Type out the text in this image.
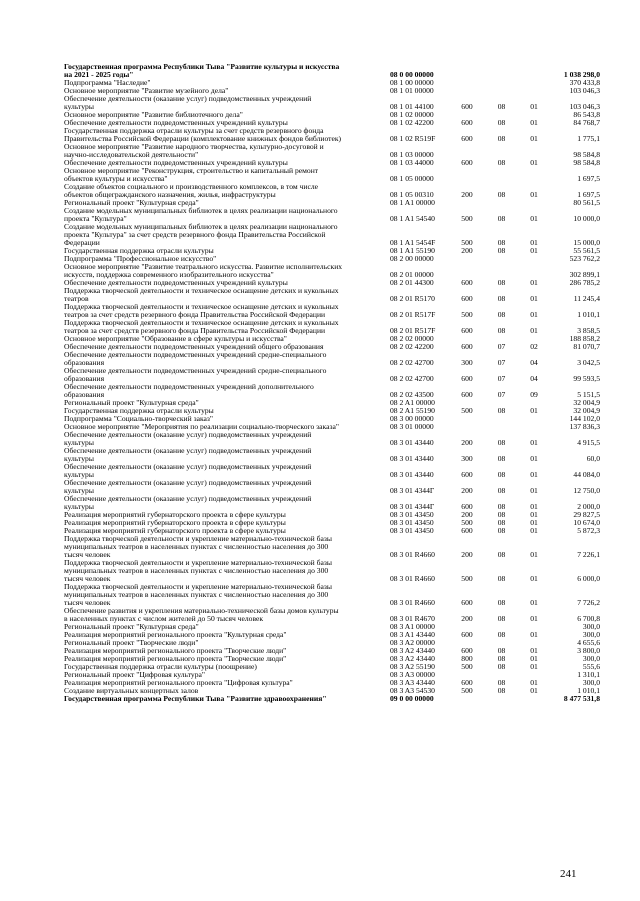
Государственная программа Республики Тыва "Развитие культуры и искусства
на 2021 - 2025 годы"	08 0 00 00000	1 038 298,0
Подпрограмма "Наследие"	08 1 00 00000	370 433,8
Основное мероприятие "Развитие музейного дела"	08 1 01 00000	103 046,3
Обеспечение деятельности (оказание услуг) подведомственных учреждений
культуры	08 1 01 44100	600	08	01	103 046,3
Основное мероприятие "Развитие библиотечного дела"	08 1 02 00000	86 543,8
Обеспечение деятельности подведомственных учреждений культуры	08 1 02 42200	600	08	01	84 768,7
Государственная поддержка отрасли культуры за счет средств резервного фонда
Правительства Российской Федерации (комплектование книжных фондов библиотек)	08 1 02 R519F	600	08	01	1 775,1
Основное мероприятие "Развитие народного творчества, культурно-досуговой и
научно-исследовательской деятельности"	08 1 03 00000	98 584,8
Обеспечение деятельности подведомственных учреждений культуры	08 1 03 44000	600	08	01	98 584,8
Основное мероприятие "Реконструкция, строительство и капитальный ремонт
объектов культуры и искусства"	08 1 05 00000	1 697,5
Создание объектов социального и производственного комплексов, в том числе
объектов общегражданского назначения, жилья, инфраструктуры	08 1 05 00310	200	08	01	1 697,5
Региональный проект "Культурная среда"	08 1 A1 00000	80 561,5
Создание модельных муниципальных библиотек в целях реализации национального
проекта "Культура"	08 1 A1 54540	500	08	01	10 000,0
Создание модельных муниципальных библиотек в целях реализации национального
проекта "Культура" за счет средств резервного фонда Правительства Российской
Федерации	08 1 A1 5454F	500	08	01	15 000,0
Государственная поддержка отрасли культуры	08 1 A1 55190	200	08	01	55 561,5
Подпрограмма "Профессиональное искусство"	08 2 00 00000	523 762,2
Основное мероприятие "Развитие театрального искусства. Развитие исполнительских
искусств, поддержка современного изобразительного искусства"	08 2 01 00000	302 899,1
Обеспечение деятельности подведомственных учреждений культуры	08 2 01 44300	600	08	01	286 785,2
Поддержка творческой деятельности и техническое оснащение детских и кукольных
театров	08 2 01 R5170	600	08	01	11 245,4
Поддержка творческой деятельности и техническое оснащение детских и кукольных
театров за счет средств резервного фонда Правительства Российской Федерации	08 2 01 R517F	500	08	01	1 010,1
Поддержка творческой деятельности и техническое оснащение детских и кукольных
театров за счет средств резервного фонда Правительства Российской Федерации	08 2 01 R517F	600	08	01	3 858,5
Основное мероприятие "Образование в сфере культуры и искусства"	08 2 02 00000	188 858,2
Обеспечение деятельности подведомственных учреждений общего образования	08 2 02 42200	600	07	02	81 070,7
Обеспечение деятельности подведомственных учреждений средне-специального
образования	08 2 02 42700	300	07	04	3 042,5
Обеспечение деятельности подведомственных учреждений средне-специального
образования	08 2 02 42700	600	07	04	99 593,5
Обеспечение деятельности подведомственных учреждений дополнительного
образования	08 2 02 43500	600	07	09	5 151,5
Региональный проект "Культурная среда"	08 2 A1 00000	32 004,9
Государственная поддержка отрасли культуры	08 2 A1 55190	500	08	01	32 004,9
Подпрограмма "Социально-творческий заказ"	08 3 00 00000	144 102,0
Основное мероприятие "Мероприятия по реализации социально-творческого заказа"	08 3 01 00000	137 836,3
Обеспечение деятельности (оказание услуг) подведомственных учреждений
культуры	08 3 01 43440	200	08	01	4 915,5
Обеспечение деятельности (оказание услуг) подведомственных учреждений
культуры	08 3 01 43440	300	08	01	60,0
Обеспечение деятельности (оказание услуг) подведомственных учреждений
культуры	08 3 01 43440	600	08	01	44 084,0
Обеспечение деятельности (оказание услуг) подведомственных учреждений
культуры	08 3 01 4344Г	200	08	01	12 750,0
Обеспечение деятельности (оказание услуг) подведомственных учреждений
культуры	08 3 01 4344Г	600	08	01	2 000,0
Реализация мероприятий губернаторского проекта в сфере культуры	08 3 01 43450	200	08	01	29 827,5
Реализация мероприятий губернаторского проекта в сфере культуры	08 3 01 43450	500	08	01	10 674,0
Реализация мероприятий губернаторского проекта в сфере культуры	08 3 01 43450	600	08	01	5 872,3
Поддержка творческой деятельности и укрепление материально-технической базы
муниципальных театров в населенных пунктах с численностью населения до 300
тысяч человек	08 3 01 R4660	200	08	01	7 226,1
Поддержка творческой деятельности и укрепление материально-технической базы
муниципальных театров в населенных пунктах с численностью населения до 300
тысяч человек	08 3 01 R4660	500	08	01	6 000,0
Поддержка творческой деятельности и укрепление материально-технической базы
муниципальных театров в населенных пунктах с численностью населения до 300
тысяч человек	08 3 01 R4660	600	08	01	7 726,2
Обеспечение развития и укрепления материально-технической базы домов культуры
в населенных пунктах с числом жителей до 50 тысяч человек	08 3 01 R4670	200	08	01	6 700,8
Региональный проект "Культурная среда"	08 3 A1 00000	300,0
Реализация мероприятий регионального проекта "Культурная среда"	08 3 A1 43440	600	08	01	300,0
Региональный проект "Творческие люди"	08 3 A2 00000	4 655,6
Реализация мероприятий регионального проекта "Творческие люди"	08 3 A2 43440	600	08	01	3 800,0
Реализация мероприятий регионального проекта "Творческие люди"	08 3 A2 43440	800	08	01	300,0
Государственная поддержка отрасли культуры (поощрение)	08 3 A2 55190	500	08	01	555,6
Региональный проект "Цифровая культура"	08 3 A3 00000	1 310,1
Реализация мероприятий регионального проекта "Цифровая культура"	08 3 A3 43440	600	08	01	300,0
Создание виртуальных концертных залов	08 3 A3 54530	500	08	01	1 010,1
Государственная программа Республики Тыва "Развитие здравоохранения"	09 0 00 00000	8 477 531,8
241
